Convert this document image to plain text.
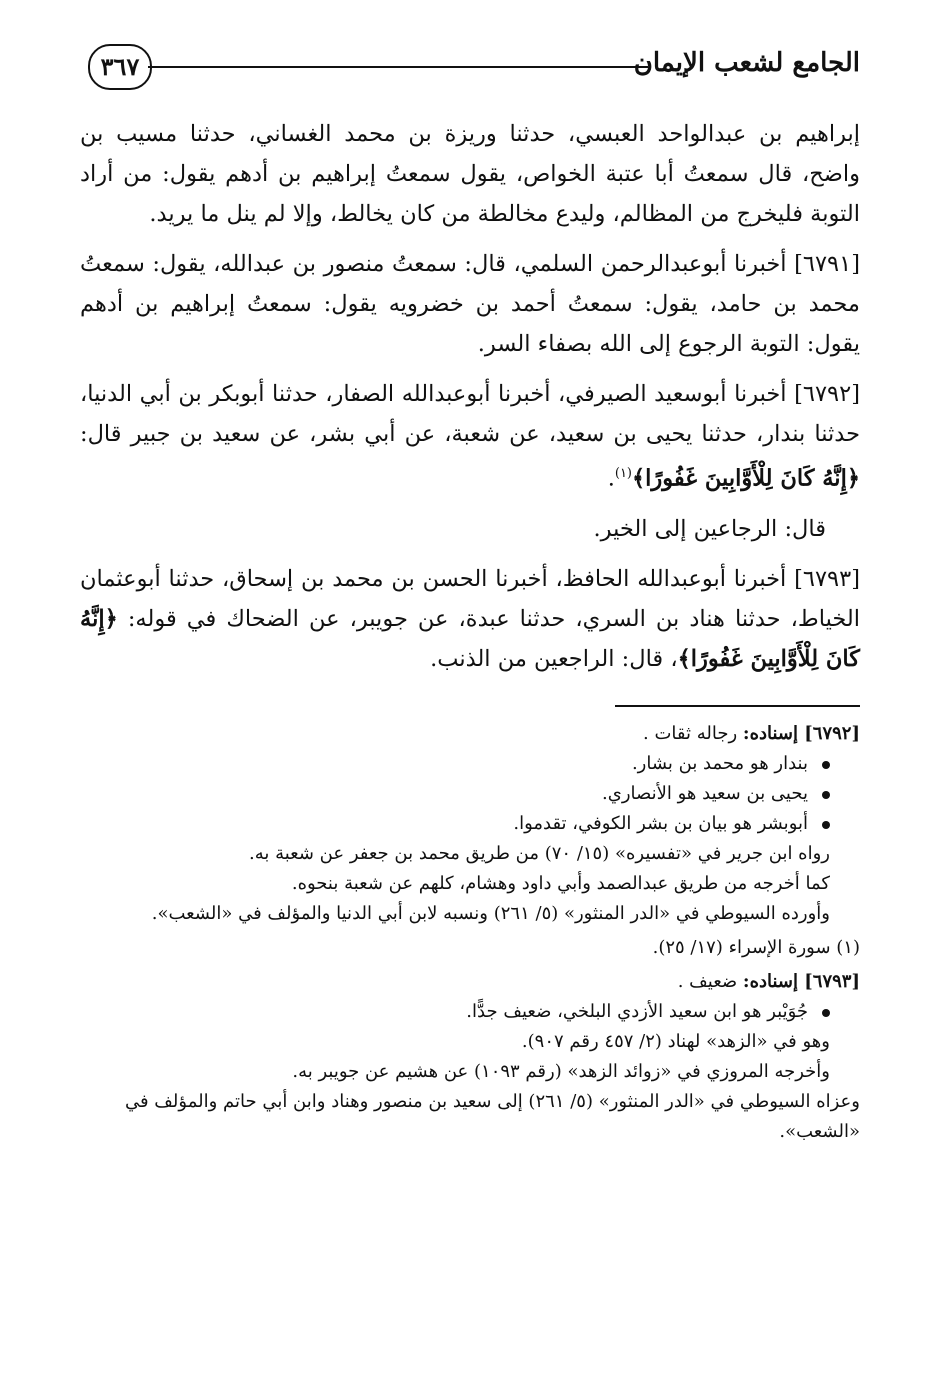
الجامع لشعب الإيمان
٣٦٧

إبراهيم بن عبدالواحد العبسي، حدثنا وريزة بن محمد الغساني، حدثنا مسيب بن واضح، قال سمعتُ أبا عتبة الخواص، يقول سمعتُ إبراهيم بن أدهم يقول: من أراد التوبة فليخرج من المظالم، وليدع مخالطة من كان يخالط، وإلا لم ينل ما يريد.

[٦٧٩١] أخبرنا أبوعبدالرحمن السلمي، قال: سمعتُ منصور بن عبدالله، يقول: سمعتُ محمد بن حامد، يقول: سمعتُ أحمد بن خضرويه يقول: سمعتُ إبراهيم بن أدهم يقول: التوبة الرجوع إلى الله بصفاء السر.

[٦٧٩٢] أخبرنا أبوسعيد الصيرفي، أخبرنا أبوعبدالله الصفار، حدثنا أبوبكر بن أبي الدنيا، حدثنا بندار، حدثنا يحيى بن سعيد، عن شعبة، عن أبي بشر، عن سعيد بن جبير قال: ﴿إِنَّهُ كَانَ لِلْأَوَّابِينَ غَفُورًا﴾$^{(١)}$.

قال: الرجاعين إلى الخير.

[٦٧٩٣] أخبرنا أبوعبدالله الحافظ، أخبرنا الحسن بن محمد بن إسحاق، حدثنا أبوعثمان الخياط، حدثنا هناد بن السري، حدثنا عبدة، عن جويبر، عن الضحاك في قوله: ﴿إِنَّهُ كَانَ لِلْأَوَّابِينَ غَفُورًا﴾، قال: الراجعين من الذنب.

[٦٧٩٢] إسناده: رجاله ثقات .

بندار هو محمد بن بشار.

يحيى بن سعيد هو الأنصاري.

أبوبشر هو بيان بن بشر الكوفي، تقدموا.

رواه ابن جرير في «تفسيره» (١٥/ ٧٠) من طريق محمد بن جعفر عن شعبة به.

كما أخرجه من طريق عبدالصمد وأبي داود وهشام، كلهم عن شعبة بنحوه.

وأورده السيوطي في «الدر المنثور» (٥/ ٢٦١) ونسبه لابن أبي الدنيا والمؤلف في «الشعب».

(١) سورة الإسراء (١٧/ ٢٥).

[٦٧٩٣] إسناده: ضعيف .

جُوَيْبر هو ابن سعيد الأزدي البلخي، ضعيف جدًّا.

وهو في «الزهد» لهناد (٢/ ٤٥٧ رقم ٩٠٧).

وأخرجه المروزي في «زوائد الزهد» (رقم ١٠٩٣) عن هشيم عن جويبر به.

وعزاه السيوطي في «الدر المنثور» (٥/ ٢٦١) إلى سعيد بن منصور وهناد وابن أبي حاتم والمؤلف في «الشعب».
